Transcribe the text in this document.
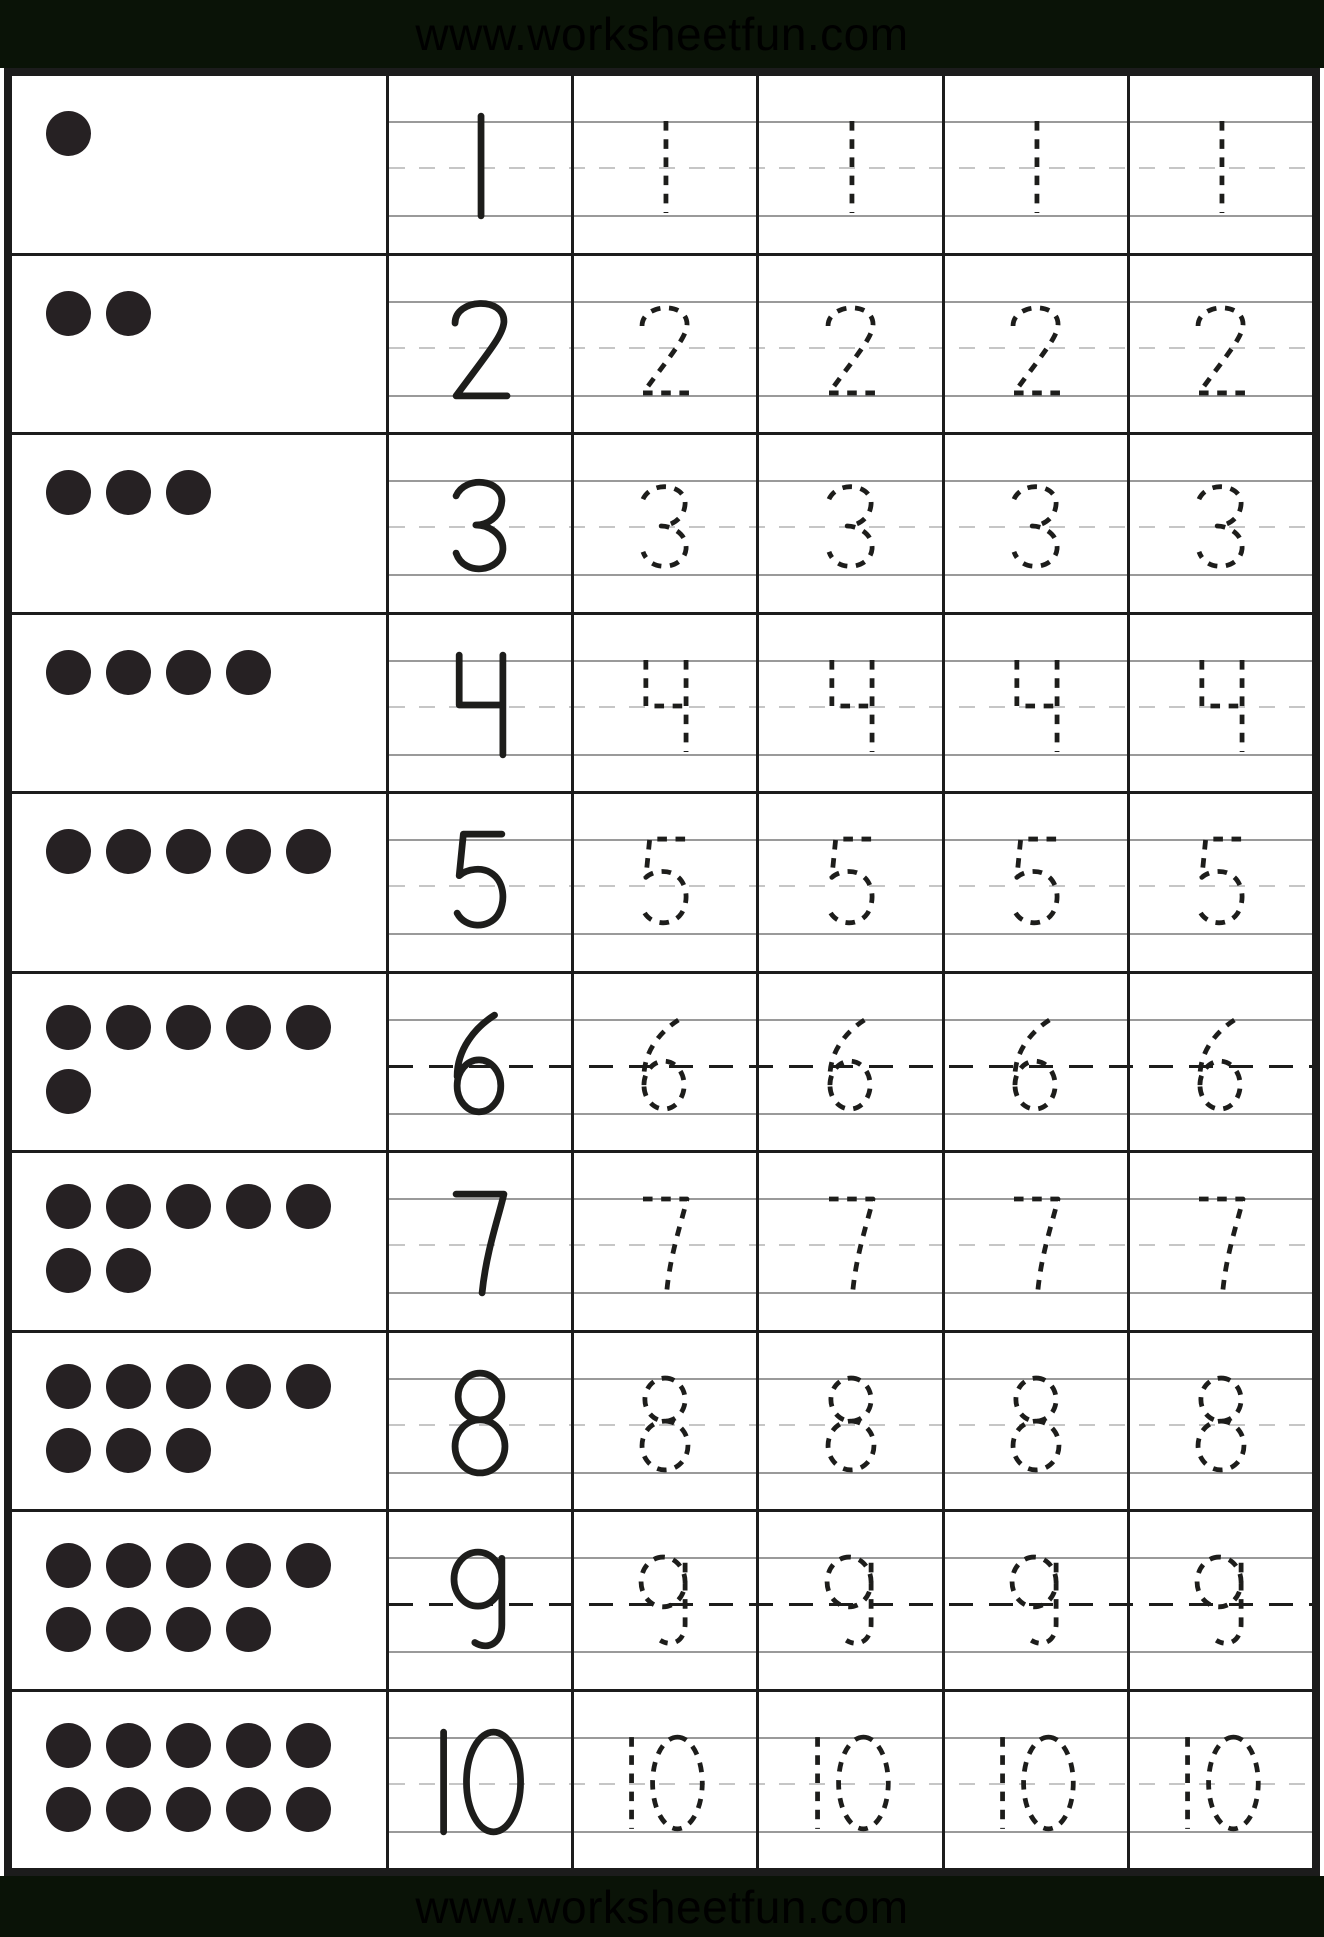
www.worksheetfun.com
www.worksheetfun.com
